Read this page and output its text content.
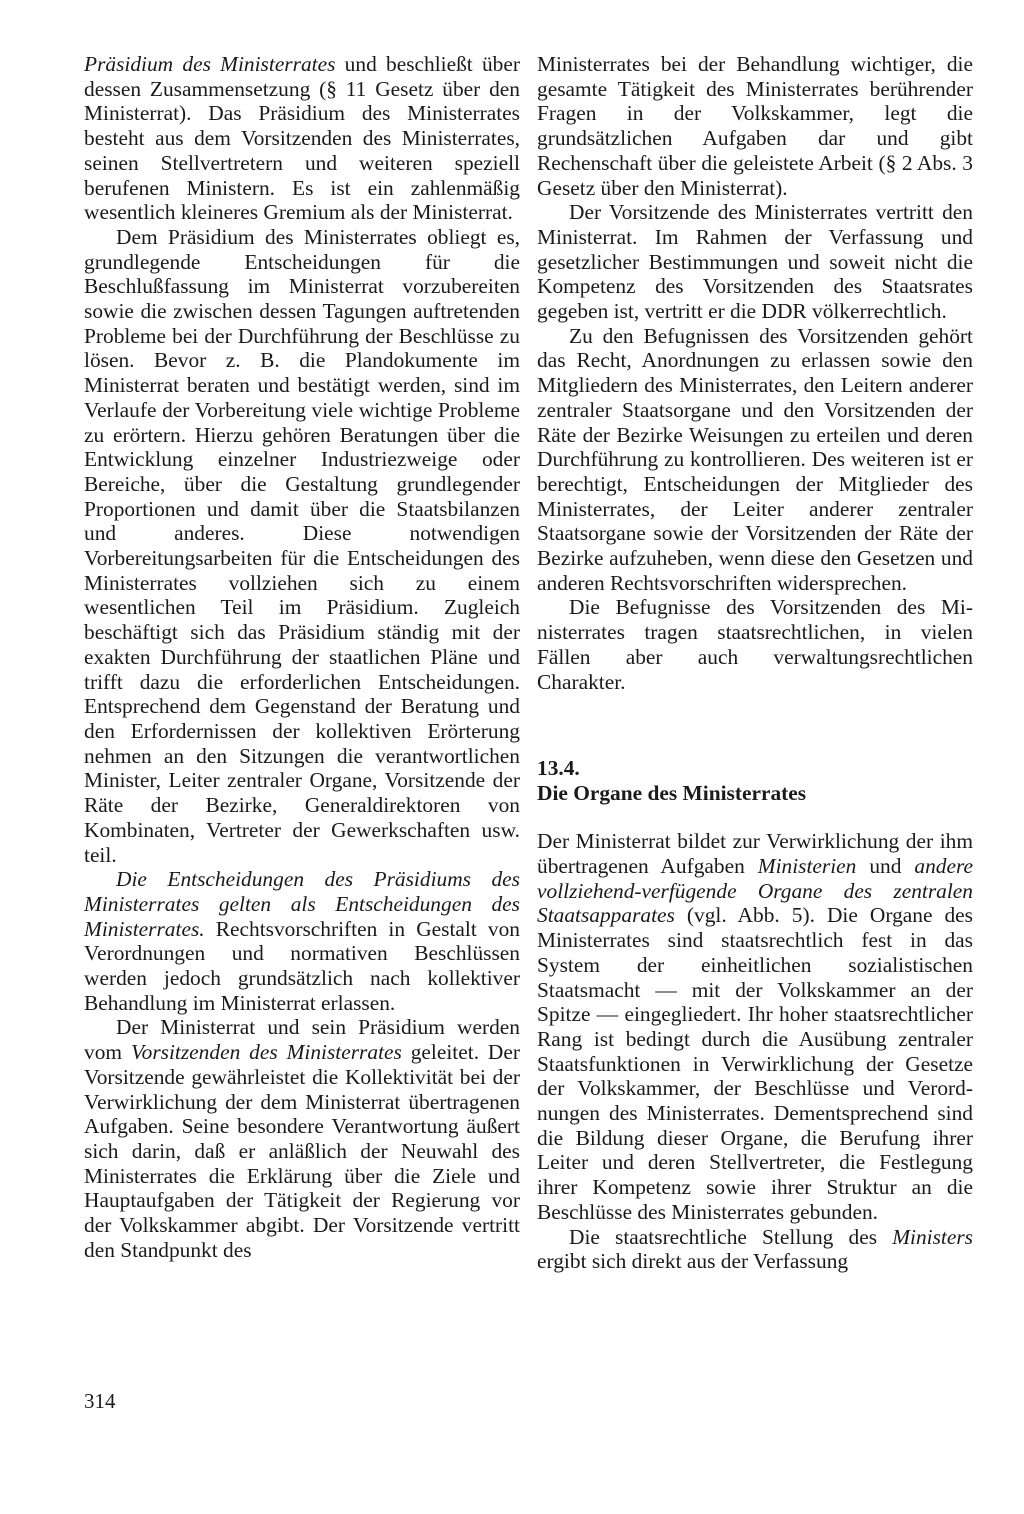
Präsidium des Ministerrates und beschließt über dessen Zusammensetzung (§ 11 Gesetz über den Ministerrat). Das Präsidium des Ministerrates besteht aus dem Vorsitzenden des Ministerrates, seinen Stellvertretern und weiteren speziell berufenen Ministern. Es ist ein zahlenmäßig wesentlich kleineres Gremium als der Ministerrat.

Dem Präsidium des Ministerrates obliegt es, grundlegende Entscheidungen für die Beschlußfassung im Ministerrat vorzubereiten sowie die zwischen dessen Tagungen auftretenden Probleme bei der Durchführung der Beschlüsse zu lösen. Bevor z. B. die Plandokumente im Ministerrat beraten und bestätigt werden, sind im Verlaufe der Vorbereitung viele wichtige Probleme zu erörtern. Hierzu gehören Beratungen über die Entwicklung einzelner Industriezweige oder Bereiche, über die Gestaltung grundlegender Proportionen und damit über die Staatsbilanzen und anderes. Diese notwendigen Vorbereitungsarbeiten für die Entscheidungen des Ministerrates vollziehen sich zu einem wesentlichen Teil im Präsidium. Zugleich beschäftigt sich das Präsidium ständig mit der exakten Durchführung der staatlichen Pläne und trifft dazu die erforderlichen Entscheidungen. Entsprechend dem Gegenstand der Beratung und den Erfordernissen der kollektiven Erörterung nehmen an den Sitzungen die verantwortlichen Minister, Leiter zentraler Organe, Vorsitzende der Räte der Bezirke, Generaldirektoren von Kombinaten, Vertreter der Gewerkschaften usw. teil.

Die Entscheidungen des Präsidiums des Ministerrates gelten als Entscheidungen des Ministerrates. Rechtsvorschriften in Gestalt von Verordnungen und normativen Beschlüssen werden jedoch grundsätzlich nach kollektiver Behandlung im Ministerrat erlassen.

Der Ministerrat und sein Präsidium werden vom Vorsitzenden des Ministerrates geleitet. Der Vorsitzende gewährleistet die Kollektivität bei der Verwirklichung der dem Ministerrat übertragenen Aufgaben. Seine besondere Verantwortung äußert sich darin, daß er anläßlich der Neuwahl des Ministerrates die Erklärung über die Ziele und Hauptaufgaben der Tätigkeit der Regierung vor der Volkskammer abgibt. Der Vorsitzende vertritt den Standpunkt des

Ministerrates bei der Behandlung wichtiger, die gesamte Tätigkeit des Ministerrates berührender Fragen in der Volkskammer, legt die grundsätzlichen Aufgaben dar und gibt Rechenschaft über die geleistete Arbeit (§ 2 Abs. 3 Gesetz über den Ministerrat).

Der Vorsitzende des Ministerrates vertritt den Ministerrat. Im Rahmen der Verfassung und gesetzlicher Bestimmungen und soweit nicht die Kompetenz des Vorsitzenden des Staatsrates gegeben ist, vertritt er die DDR völkerrechtlich.

Zu den Befugnissen des Vorsitzenden gehört das Recht, Anordnungen zu erlassen sowie den Mitgliedern des Ministerrates, den Leitern anderer zentraler Staatsorgane und den Vorsitzenden der Räte der Bezirke Weisungen zu erteilen und deren Durchführung zu kontrollieren. Des weiteren ist er berechtigt, Entscheidungen der Mitglieder des Ministerrates, der Leiter anderer zentraler Staatsorgane sowie der Vorsitzenden der Räte der Bezirke aufzuheben, wenn diese den Gesetzen und anderen Rechtsvorschriften widersprechen.

Die Befugnisse des Vorsitzenden des Ministerrates tragen staatsrechtlichen, in vielen Fällen aber auch verwaltungsrechtlichen Charakter.

13.4.
Die Organe des Ministerrates

Der Ministerrat bildet zur Verwirklichung der ihm übertragenen Aufgaben Ministerien und andere vollziehend-verfügende Organe des zentralen Staatsapparates (vgl. Abb. 5). Die Organe des Ministerrates sind staatsrechtlich fest in das System der einheitlichen sozialistischen Staatsmacht — mit der Volkskammer an der Spitze — eingegliedert. Ihr hoher staatsrechtlicher Rang ist bedingt durch die Ausübung zentraler Staatsfunktionen in Verwirklichung der Gesetze der Volkskammer, der Beschlüsse und Verordnungen des Ministerrates. Dementsprechend sind die Bildung dieser Organe, die Berufung ihrer Leiter und deren Stellvertreter, die Festlegung ihrer Kompetenz sowie ihrer Struktur an die Beschlüsse des Ministerrates gebunden.

Die staatsrechtliche Stellung des Ministers ergibt sich direkt aus der Verfassung

314
